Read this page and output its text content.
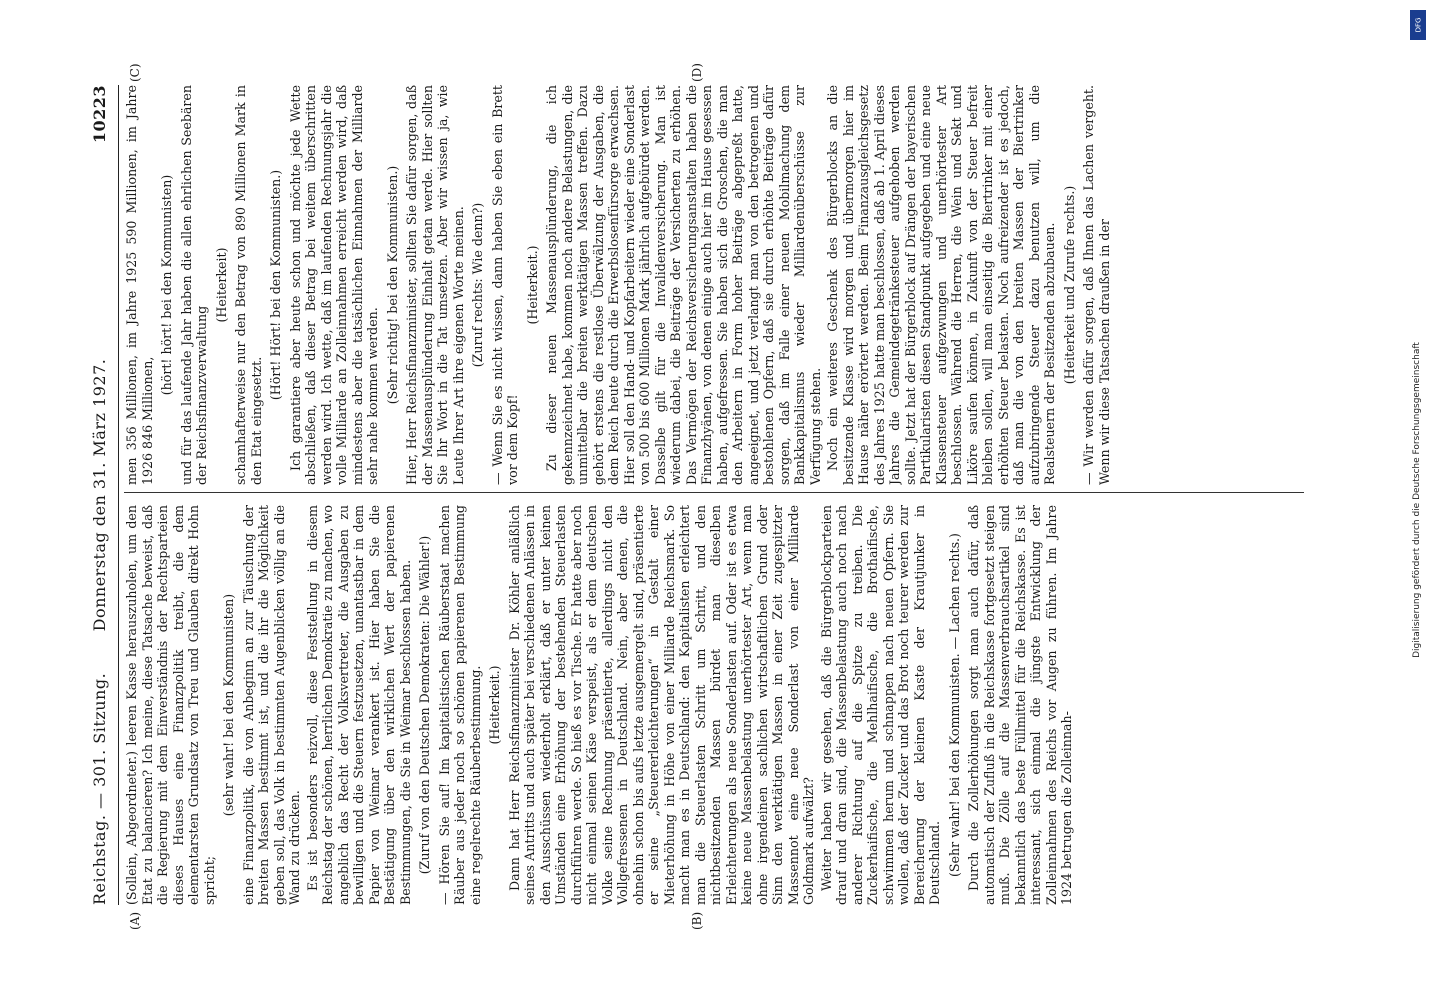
Reichstag. — 301. Sitzung.
Donnerstag den 31. März 1927.
10223
(A)	(B)
(C)	(D)

(Sollein, Abgeordneter.) leeren Kasse herauszuholen, um den Etat zu balancieren? Ich meine, diese Tatsache beweist, daß die Regierung mit dem Einverständnis der Rechtsparteien dieses Hauses eine Finanzpolitik treibt, die dem elementarsten Grundsatz von Treu und Glauben direkt Hohn spricht;

(sehr wahr! bei den Kommunisten) eine Finanzpolitik, die von Anbeginn an zur Täuschung der breiten Massen bestimmt ist, und die ihr die Möglichkeit geben soll, das Volk in bestimmten Augenblicken völlig an die Wand zu drücken. Es ist besonders reizvoll, diese Feststellung in diesem Reichstag der schönen, herrlichen Demokratie zu machen, wo angeblich das Recht der Volksvertreter, die Ausgaben zu bewilligen und die Steuern festzusetzen, unantastbar in dem Papier von Weimar verankert ist. Hier haben Sie die Bestätigung über den wirklichen Wert der papierenen Bestimmungen, die Sie in Weimar beschlossen haben. (Zuruf von den Deutschen Demokraten: Die Wähler!) — Hören Sie auf! Im kapitalistischen Räuberstaat machen Räuber aus jeder noch so schönen papierenen Bestimmung eine regelrechte Räuberbestimmung. (Heiterkeit.) Dann hat Herr Reichsfinanzminister Dr. Köhler anläßlich seines Antritts und auch später bei verschiedenen Anlässen in den Ausschüssen wiederholt erklärt, daß er unter keinen Umständen eine Erhöhung der bestehenden Steuerlasten durchführen werde. So hieß es vor Tische. Er hatte aber noch nicht einmal seinen Käse verspeist, als er dem deutschen Volke seine Rechnung präsentierte, allerdings nicht den Vollgefressenen in Deutschland. Nein, aber denen, die ohnehin schon bis aufs letzte ausgemergelt sind, präsentierte er seine „Steuererleichterungen“ in Gestalt einer Mieterhöhung in Höhe von einer Milliarde Reichsmark. So macht man es in Deutschland: den Kapitalisten erleichtert man die Steuerlasten Schritt um Schritt, und den nichtbesitzenden Massen bürdet man dieselben Erleichterungen als neue Sonderlasten auf. Oder ist es etwa keine neue Massenbelastung unerhörtester Art, wenn man ohne irgendeinen sachlichen wirtschaftlichen Grund oder Sinn den werktätigen Massen in einer Zeit zugespitzter Massennot eine neue Sonderlast von einer Milliarde Goldmark aufwälzt? Weiter haben wir gesehen, daß die Bürgerblockparteien drauf und dran sind, die Massenbelastung auch noch nach anderer Richtung auf die Spitze zu treiben. Die Zuckerhaifische, die Mehlhaifische, die Brothaifische, schwimmen herum und schnappen nach neuen Opfern. Sie wollen, daß der Zucker und das Brot noch teurer werden zur Bereicherung der kleinen Kaste der Krautjunker in Deutschland. (Sehr wahr! bei den Kommunisten. — Lachen rechts.) Durch die Zollerhöhungen sorgt man auch dafür, daß automatisch der Zufluß in die Reichskasse fortgesetzt steigen muß. Die Zölle auf die Massenverbrauchsartikel sind bekanntlich das beste Füllmittel für die Reichskasse. Es ist interessant, sich einmal die jüngste Entwicklung der Zolleinnahmen des Reichs vor Augen zu führen. Im Jahre 1924 betrugen die Zolleinnah-

men 356 Millionen, im Jahre 1925 590 Millionen, im Jahre 1926 846 Millionen,

(hört! hört! bei den Kommunisten) und für das laufende Jahr haben die allen ehrlichen Seebären der Reichsfinanzverwaltung

(Heiterkeit) schamhafterweise nur den Betrag von 890 Millionen Mark in den Etat eingesetzt.

(Hört! Hört! bei den Kommunisten.) Ich garantiere aber heute schon und möchte jede Wette abschließen, daß dieser Betrag bei weitem überschritten werden wird. Ich wette, daß im laufenden Rechnungsjahr die volle Milliarde an Zolleinnahmen erreicht werden wird, daß mindestens aber die tatsächlichen Einnahmen der Milliarde sehr nahe kommen werden. (Sehr richtig! bei den Kommunisten.) Hier, Herr Reichsfinanzminister, sollten Sie dafür sorgen, daß der Massenausplünderung Einhalt getan werde. Hier sollten Sie Ihr Wort in die Tat umsetzen. Aber wir wissen ja, wie Leute Ihrer Art ihre eigenen Worte meinen. (Zuruf rechts: Wie denn?) — Wenn Sie es nicht wissen, dann haben Sie eben ein Brett vor dem Kopf!

(Heiterkeit.) Zu dieser neuen Massenausplünderung, die ich gekennzeichnet habe, kommen noch andere Belastungen, die unmittelbar die breiten werktätigen Massen treffen. Dazu gehört erstens die restlose Überwälzung der Ausgaben, die dem Reich heute durch die Erwerbslosenfürsorge erwachsen. Hier soll den Hand- und Kopfarbeitern wieder eine Sonderlast von 500 bis 600 Millionen Mark jährlich aufgebürdet werden. Dasselbe gilt für die Invalidenversicherung. Man ist wiederum dabei, die Beiträge der Versicherten zu erhöhen. Das Vermögen der Reichsversicherungsanstalten haben die Finanzhyänen, von denen einige auch hier im Hause gesessen haben, aufgefressen. Sie haben sich die Groschen, die man den Arbeitern in Form hoher Beiträge abgepreßt hatte, angeeignet, und jetzt verlangt man von den betrogenen und bestohlenen Opfern, daß sie durch erhöhte Beiträge dafür sorgen, daß im Falle einer neuen Mobilmachung dem Bankkapitalismus wieder Milliardenüberschüsse zur Verfügung stehen. Noch ein weiteres Geschenk des Bürgerblocks an die besitzende Klasse wird morgen und übermorgen hier im Hause näher erörtert werden. Beim Finanzausgleichsgesetz des Jahres 1925 hatte man beschlossen, daß ab 1. April dieses Jahres die Gemeindegetränkesteuer aufgehoben werden sollte. Jetzt hat der Bürgerblock auf Drängen der bayerischen Partikularisten diesen Standpunkt aufgegeben und eine neue Klassensteuer aufgezwungen und unerhörtester Art beschlossen. Während die Herren, die Wein und Sekt und Liköre saufen können, in Zukunft von der Steuer befreit bleiben sollen, will man einseitig die Biertrinker mit einer erhöhten Steuer belasten. Noch aufreizender ist es jedoch, daß man die von den breiten Massen der Biertrinker aufzubringende Steuer dazu benutzen will, um die Realsteuern der Besitzenden abzubauen. (Heiterkeit und Zurufe rechts.) — Wir werden dafür sorgen, daß Ihnen das Lachen vergeht. Wenn wir diese Tatsachen draußen in der	Digitalisierung gefördert durch die Deutsche Forschungsgemeinschaft
DFG
